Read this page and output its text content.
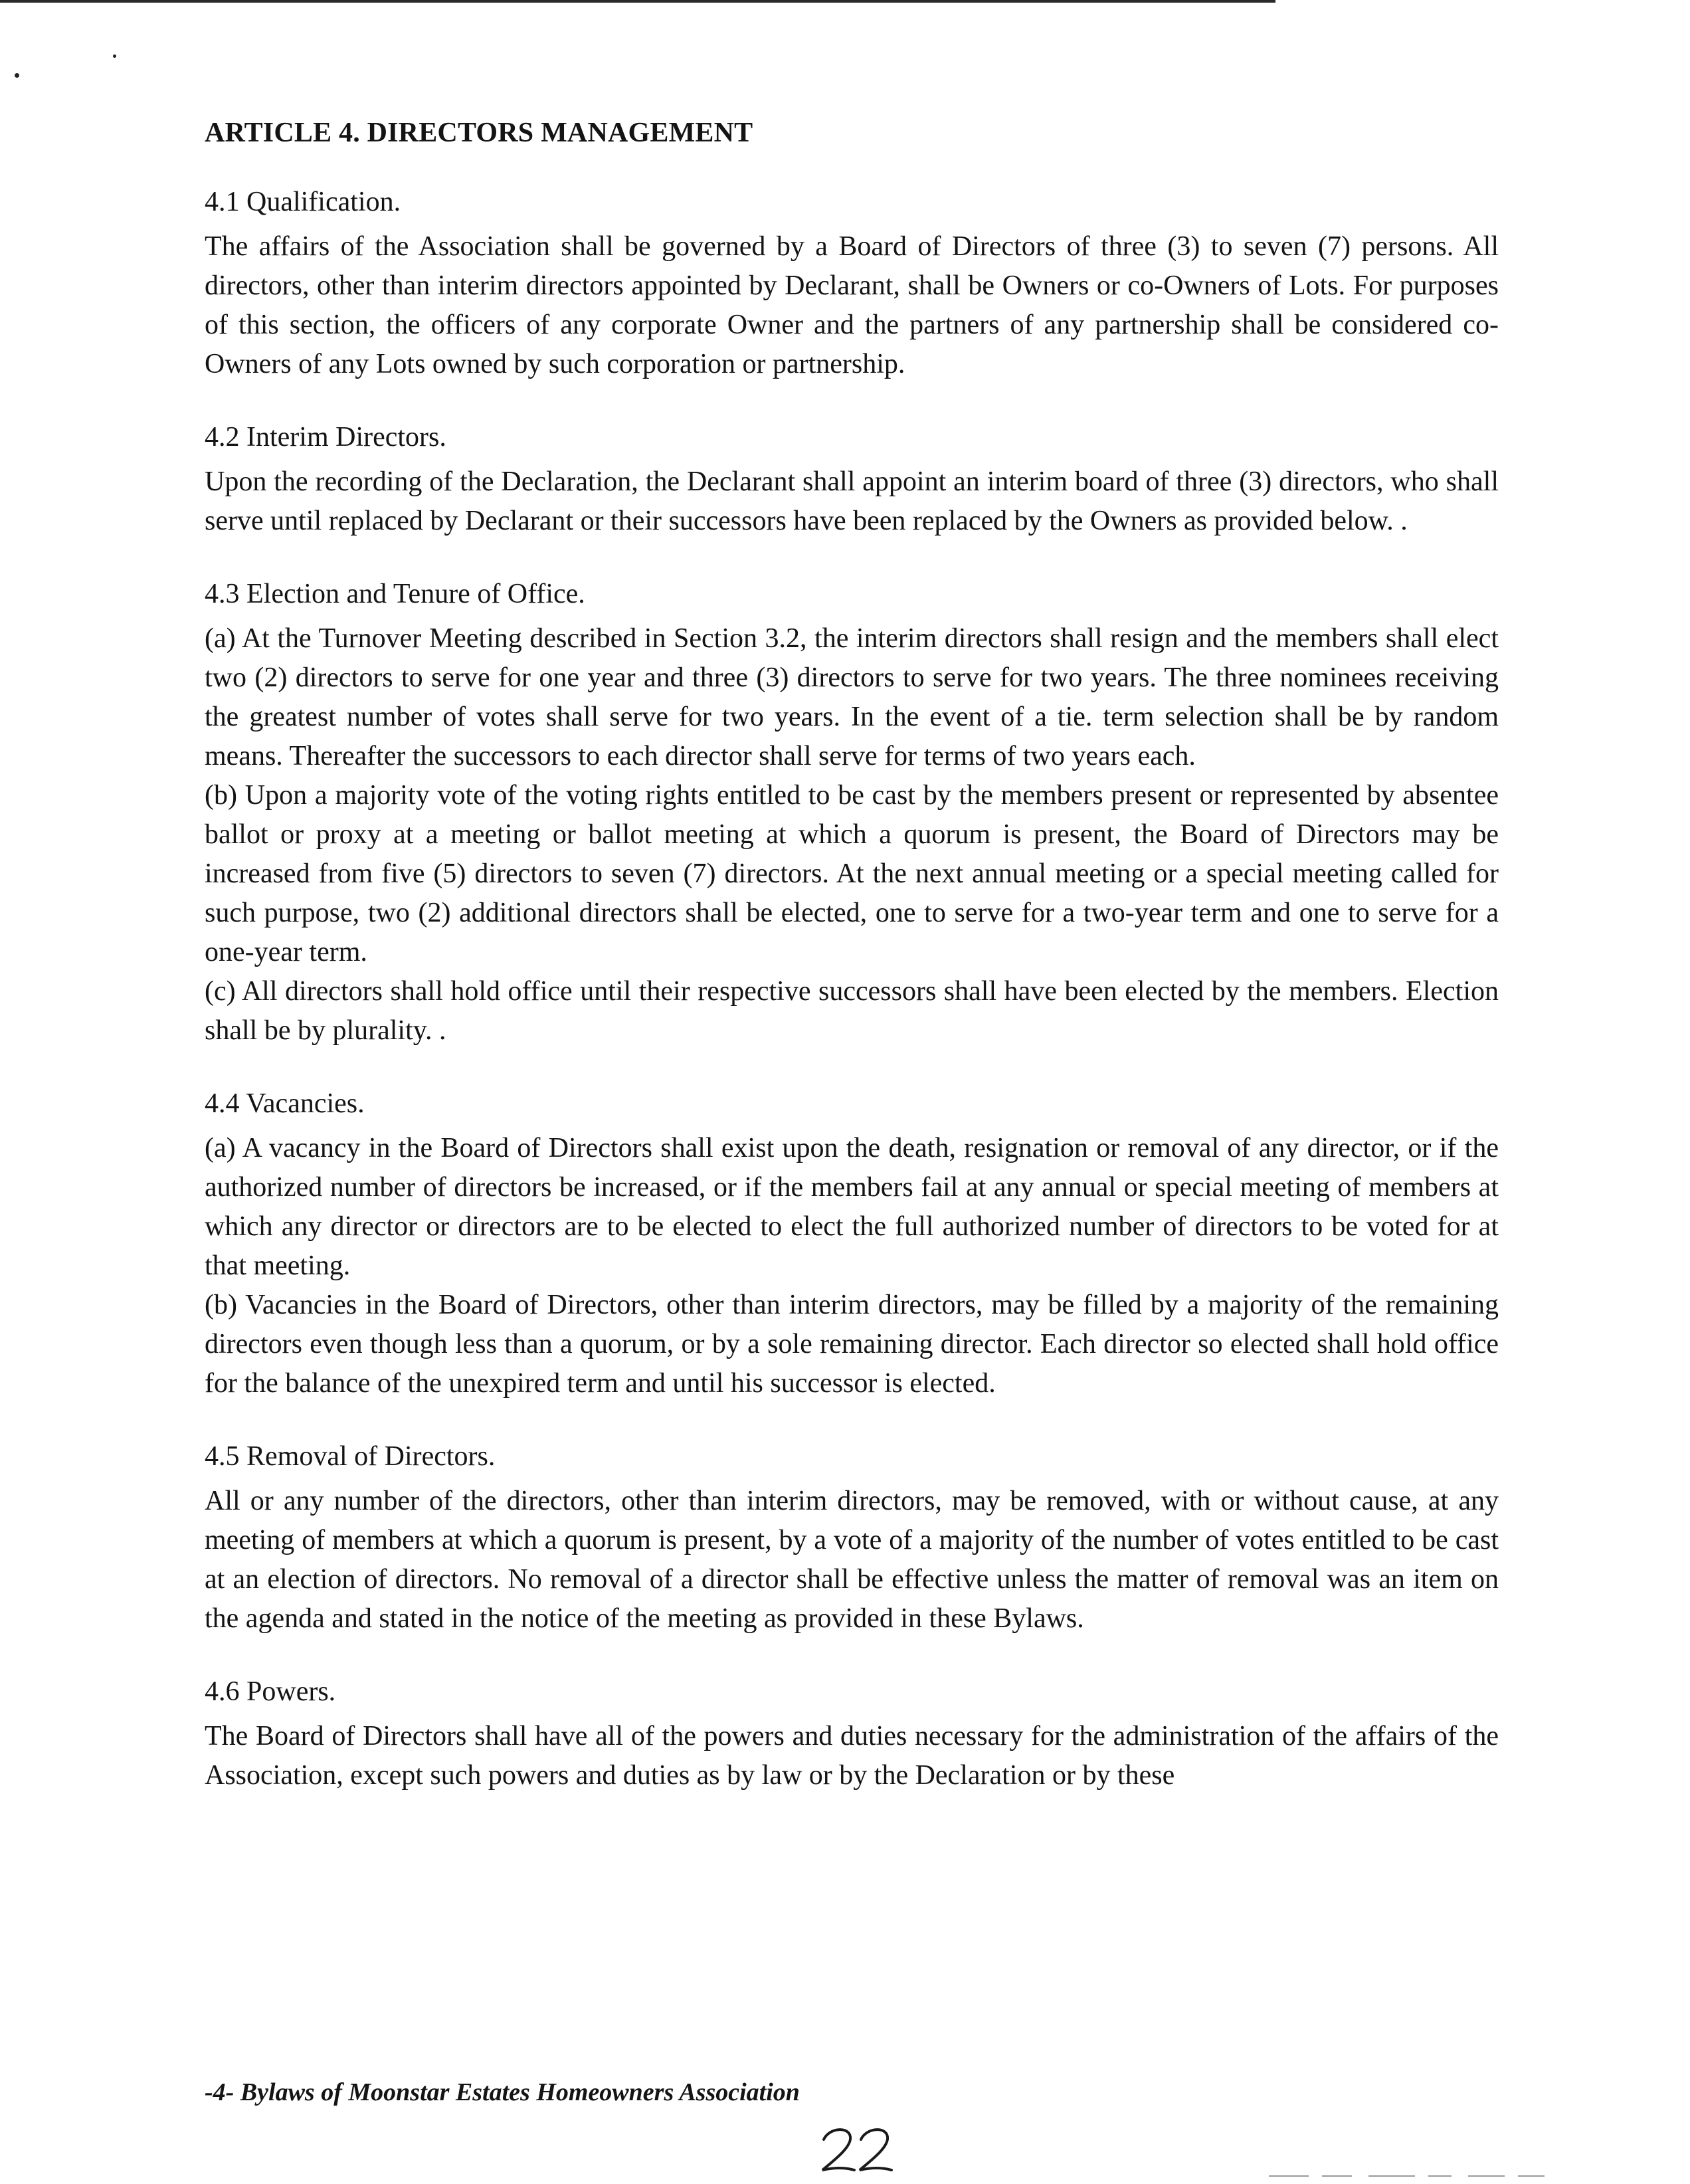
ARTICLE 4. DIRECTORS MANAGEMENT

4.1 Qualification.

The affairs of the Association shall be governed by a Board of Directors of three (3) to seven (7) persons. All directors, other than interim directors appointed by Declarant, shall be Owners or co-Owners of Lots. For purposes of this section, the officers of any corporate Owner and the partners of any partnership shall be considered co-Owners of any Lots owned by such corporation or partnership.

4.2 Interim Directors.

Upon the recording of the Declaration, the Declarant shall appoint an interim board of three (3) directors, who shall serve until replaced by Declarant or their successors have been replaced by the Owners as provided below. .

4.3 Election and Tenure of Office.

(a) At the Turnover Meeting described in Section 3.2, the interim directors shall resign and the members shall elect two (2) directors to serve for one year and three (3) directors to serve for two years. The three nominees receiving the greatest number of votes shall serve for two years. In the event of a tie. term selection shall be by random means. Thereafter the successors to each director shall serve for terms of two years each.

(b) Upon a majority vote of the voting rights entitled to be cast by the members present or represented by absentee ballot or proxy at a meeting or ballot meeting at which a quorum is present, the Board of Directors may be increased from five (5) directors to seven (7) directors. At the next annual meeting or a special meeting called for such purpose, two (2) additional directors shall be elected, one to serve for a two-year term and one to serve for a one-year term.

(c) All directors shall hold office until their respective successors shall have been elected by the members. Election shall be by plurality. .

4.4 Vacancies.

(a) A vacancy in the Board of Directors shall exist upon the death, resignation or removal of any director, or if the authorized number of directors be increased, or if the members fail at any annual or special meeting of members at which any director or directors are to be elected to elect the full authorized number of directors to be voted for at that meeting.

(b) Vacancies in the Board of Directors, other than interim directors, may be filled by a majority of the remaining directors even though less than a quorum, or by a sole remaining director. Each director so elected shall hold office for the balance of the unexpired term and until his successor is elected.

4.5 Removal of Directors.

All or any number of the directors, other than interim directors, may be removed, with or without cause, at any meeting of members at which a quorum is present, by a vote of a majority of the number of votes entitled to be cast at an election of directors. No removal of a director shall be effective unless the matter of removal was an item on the agenda and stated in the notice of the meeting as provided in these Bylaws.

4.6 Powers.

The Board of Directors shall have all of the powers and duties necessary for the administration of the affairs of the Association, except such powers and duties as by law or by the Declaration or by these

-4- Bylaws of Moonstar Estates Homeowners Association
